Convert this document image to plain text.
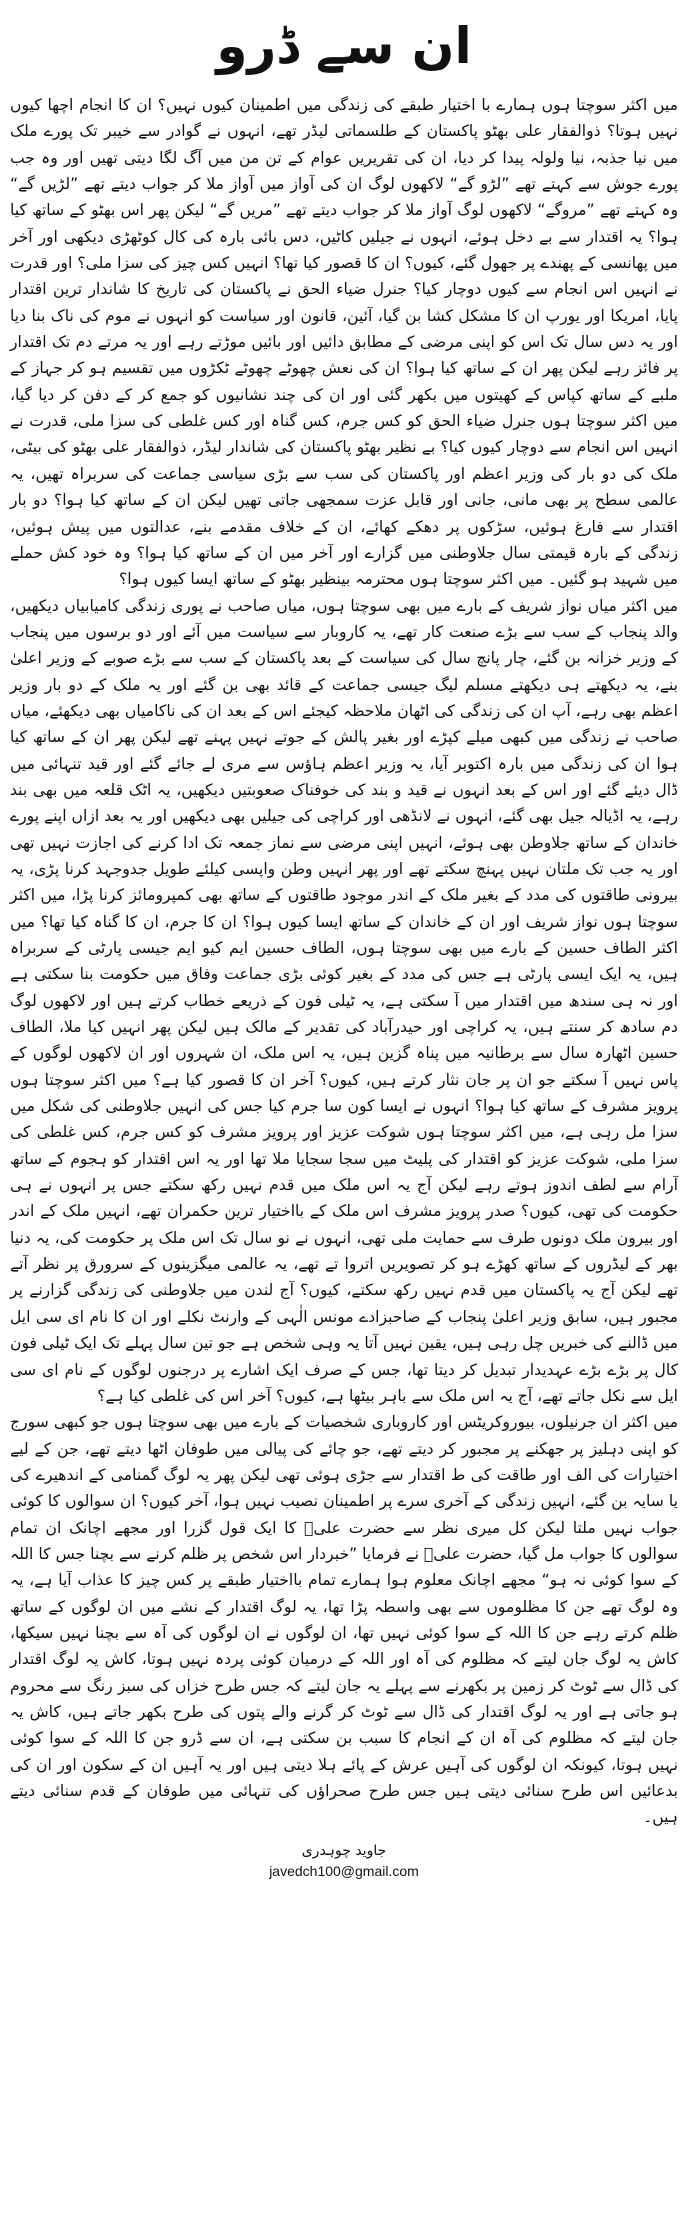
ان سے ڈرو

میں اکثر سوچتا ہوں ہمارے با اختیار طبقے کی زندگی میں اطمینان کیوں نہیں؟ ان کا انجام اچھا کیوں نہیں ہوتا؟ ذوالفقار علی بھٹو پاکستان کے طلسماتی لیڈر تھے، انہوں نے گوادر سے خیبر تک پورے ملک میں نیا جذبہ، نیا ولولہ پیدا کر دیا، ان کی تقریریں عوام کے تن من میں آگ لگا دیتی تھیں اور وہ جب پورے جوش سے کہتے تھے ”لڑو گے“ لاکھوں لوگ ان کی آواز میں آواز ملا کر جواب دیتے تھے ”لڑیں گے“ وہ کہتے تھے ”مروگے“ لاکھوں لوگ آواز ملا کر جواب دیتے تھے ”مریں گے“ لیکن پھر اس بھٹو کے ساتھ کیا ہوا؟ یہ اقتدار سے بے دخل ہوئے، انہوں نے جیلیں کاٹیں، دس بائی بارہ کی کال کوٹھڑی دیکھی اور آخر میں پھانسی کے پھندے پر جھول گئے، کیوں؟ ان کا قصور کیا تھا؟ انہیں کس چیز کی سزا ملی؟ اور قدرت نے انہیں اس انجام سے کیوں دوچار کیا؟ جنرل ضیاء الحق نے پاکستان کی تاریخ کا شاندار ترین اقتدار پایا، امریکا اور یورپ ان کا مشکل کشا بن گیا، آئین، قانون اور سیاست کو انہوں نے موم کی ناک بنا دیا اور یہ دس سال تک اس کو اپنی مرضی کے مطابق دائیں اور بائیں موڑتے رہے اور یہ مرتے دم تک اقتدار پر فائز رہے لیکن پھر ان کے ساتھ کیا ہوا؟ ان کی نعش چھوٹے چھوٹے ٹکڑوں میں تقسیم ہو کر جہاز کے ملبے کے ساتھ کپاس کے کھیتوں میں بکھر گئی اور ان کی چند نشانیوں کو جمع کر کے دفن کر دیا گیا، میں اکثر سوچتا ہوں جنرل ضیاء الحق کو کس جرم، کس گناہ اور کس غلطی کی سزا ملی، قدرت نے انہیں اس انجام سے دوچار کیوں کیا؟ بے نظیر بھٹو پاکستان کی شاندار لیڈر، ذوالفقار علی بھٹو کی بیٹی، ملک کی دو بار کی وزیر اعظم اور پاکستان کی سب سے بڑی سیاسی جماعت کی سربراہ تھیں، یہ عالمی سطح پر بھی مانی، جانی اور قابل عزت سمجھی جاتی تھیں لیکن ان کے ساتھ کیا ہوا؟ دو بار اقتدار سے فارغ ہوئیں، سڑکوں پر دھکے کھائے، ان کے خلاف مقدمے بنے، عدالتوں میں پیش ہوئیں، زندگی کے بارہ قیمتی سال جلاوطنی میں گزارے اور آخر میں ان کے ساتھ کیا ہوا؟ وہ خود کش حملے میں شہید ہو گئیں۔ میں اکثر سوچتا ہوں محترمہ بینظیر بھٹو کے ساتھ ایسا کیوں ہوا؟

میں اکثر میاں نواز شریف کے بارے میں بھی سوچتا ہوں، میاں صاحب نے پوری زندگی کامیابیاں دیکھیں، والد پنجاب کے سب سے بڑے صنعت کار تھے، یہ کاروبار سے سیاست میں آئے اور دو برسوں میں پنجاب کے وزیر خزانہ بن گئے، چار پانچ سال کی سیاست کے بعد پاکستان کے سب سے بڑے صوبے کے وزیر اعلیٰ بنے، یہ دیکھتے ہی دیکھتے مسلم لیگ جیسی جماعت کے قائد بھی بن گئے اور یہ ملک کے دو بار وزیر اعظم بھی رہے، آپ ان کی زندگی کی اٹھان ملاحظہ کیجئے اس کے بعد ان کی ناکامیاں بھی دیکھئے، میاں صاحب نے زندگی میں کبھی میلے کپڑے اور بغیر پالش کے جوتے نہیں پہنے تھے لیکن پھر ان کے ساتھ کیا ہوا ان کی زندگی میں بارہ اکتوبر آیا، یہ وزیر اعظم ہاؤس سے مری لے جائے گئے اور قید تنہائی میں ڈال دیئے گئے اور اس کے بعد انہوں نے قید و بند کی خوفناک صعوبتیں دیکھیں، یہ اٹک قلعہ میں بھی بند رہے، یہ اڈیالہ جیل بھی گئے، انہوں نے لانڈھی اور کراچی کی جیلیں بھی دیکھیں اور یہ بعد ازاں اپنے پورے خاندان کے ساتھ جلاوطن بھی ہوئے، انہیں اپنی مرضی سے نماز جمعہ تک ادا کرنے کی اجازت نہیں تھی اور یہ جب تک ملتان نہیں پہنچ سکتے تھے اور پھر انہیں وطن واپسی کیلئے طویل جدوجہد کرنا پڑی، یہ بیرونی طاقتوں کی مدد کے بغیر ملک کے اندر موجود طاقتوں کے ساتھ بھی کمپرومائز کرنا پڑا، میں اکثر سوچتا ہوں نواز شریف اور ان کے خاندان کے ساتھ ایسا کیوں ہوا؟ ان کا جرم، ان کا گناہ کیا تھا؟ میں اکثر الطاف حسین کے بارے میں بھی سوچتا ہوں، الطاف حسین ایم کیو ایم جیسی پارٹی کے سربراہ ہیں، یہ ایک ایسی پارٹی ہے جس کی مدد کے بغیر کوئی بڑی جماعت وفاق میں حکومت بنا سکتی ہے اور نہ ہی سندھ میں اقتدار میں آ سکتی ہے، یہ ٹیلی فون کے ذریعے خطاب کرتے ہیں اور لاکھوں لوگ دم سادھ کر سنتے ہیں، یہ کراچی اور حیدرآباد کی تقدیر کے مالک ہیں لیکن پھر انہیں کیا ملا، الطاف حسین اٹھارہ سال سے برطانیہ میں پناہ گزین ہیں، یہ اس ملک، ان شہروں اور ان لاکھوں لوگوں کے پاس نہیں آ سکتے جو ان پر جان نثار کرتے ہیں، کیوں؟ آخر ان کا قصور کیا ہے؟ میں اکثر سوچتا ہوں پرویز مشرف کے ساتھ کیا ہوا؟ انہوں نے ایسا کون سا جرم کیا جس کی انہیں جلاوطنی کی شکل میں سزا مل رہی ہے، میں اکثر سوچتا ہوں شوکت عزیز اور پرویز مشرف کو کس جرم، کس غلطی کی سزا ملی، شوکت عزیز کو اقتدار کی پلیٹ میں سجا سجایا ملا تھا اور یہ اس اقتدار کو ہجوم کے ساتھ آرام سے لطف اندوز ہوتے رہے لیکن آج یہ اس ملک میں قدم نہیں رکھ سکتے جس پر انہوں نے ہی حکومت کی تھی، کیوں؟ صدر پرویز مشرف اس ملک کے بااختیار ترین حکمران تھے، انہیں ملک کے اندر اور بیرون ملک دونوں طرف سے حمایت ملی تھی، انہوں نے نو سال تک اس ملک پر حکومت کی، یہ دنیا بھر کے لیڈروں کے ساتھ کھڑے ہو کر تصویریں اتروا تے تھے، یہ عالمی میگزینوں کے سرورق پر نظر آتے تھے لیکن آج یہ پاکستان میں قدم نہیں رکھ سکتے، کیوں؟ آج لندن میں جلاوطنی کی زندگی گزارنے پر مجبور ہیں، سابق وزیر اعلیٰ پنجاب کے صاحبزادے مونس الٰہی کے وارنٹ نکلے اور ان کا نام ای سی ایل میں ڈالنے کی خبریں چل رہی ہیں، یقین نہیں آتا یہ وہی شخص ہے جو تین سال پہلے تک ایک ٹیلی فون کال پر بڑے بڑے عہدیدار تبدیل کر دیتا تھا، جس کے صرف ایک اشارے پر درجنوں لوگوں کے نام ای سی ایل سے نکل جاتے تھے، آج یہ اس ملک سے باہر بیٹھا ہے، کیوں؟ آخر اس کی غلطی کیا ہے؟

میں اکثر ان جرنیلوں، بیوروکریٹس اور کاروباری شخصیات کے بارے میں بھی سوچتا ہوں جو کبھی سورج کو اپنی دہلیز پر جھکنے پر مجبور کر دیتے تھے، جو چائے کی پیالی میں طوفان اٹھا دیتے تھے، جن کے لیے اختیارات کی الف اور طاقت کی ط اقتدار سے جڑی ہوئی تھی لیکن پھر یہ لوگ گمنامی کے اندھیرے کی یا سایہ بن گئے، انہیں زندگی کے آخری سرے پر اطمینان نصیب نہیں ہوا، آخر کیوں؟ ان سوالوں کا کوئی جواب نہیں ملتا لیکن کل میری نظر سے حضرت علیؓ کا ایک قول گزرا اور مجھے اچانک ان تمام سوالوں کا جواب مل گیا، حضرت علیؓ نے فرمایا ”خبردار اس شخص پر ظلم کرنے سے بچنا جس کا اللہ کے سوا کوئی نہ ہو“ مجھے اچانک معلوم ہوا ہمارے تمام بااختیار طبقے پر کس چیز کا عذاب آیا ہے، یہ وہ لوگ تھے جن کا مظلوموں سے بھی واسطہ پڑا تھا، یہ لوگ اقتدار کے نشے میں ان لوگوں کے ساتھ ظلم کرتے رہے جن کا اللہ کے سوا کوئی نہیں تھا، ان لوگوں نے ان لوگوں کی آہ سے بچنا نہیں سیکھا، کاش یہ لوگ جان لیتے کہ مظلوم کی آہ اور اللہ کے درمیان کوئی پردہ نہیں ہوتا، کاش یہ لوگ اقتدار کی ڈال سے ٹوٹ کر زمین پر بکھرنے سے پہلے یہ جان لیتے کہ جس طرح خزاں کی سبز رنگ سے محروم ہو جاتی ہے اور یہ لوگ اقتدار کی ڈال سے ٹوٹ کر گرنے والے پتوں کی طرح بکھر جاتے ہیں، کاش یہ جان لیتے کہ مظلوم کی آہ ان کے انجام کا سبب بن سکتی ہے، ان سے ڈرو جن کا اللہ کے سوا کوئی نہیں ہوتا، کیونکہ ان لوگوں کی آہیں عرش کے پائے ہلا دیتی ہیں اور یہ آہیں ان کے سکون اور ان کی بدعائیں اس طرح سنائی دیتی ہیں جس طرح صحراؤں کی تنہائی میں طوفان کے قدم سنائی دیتے ہیں۔

جاوید چوہدری
javedch100@gmail.com
